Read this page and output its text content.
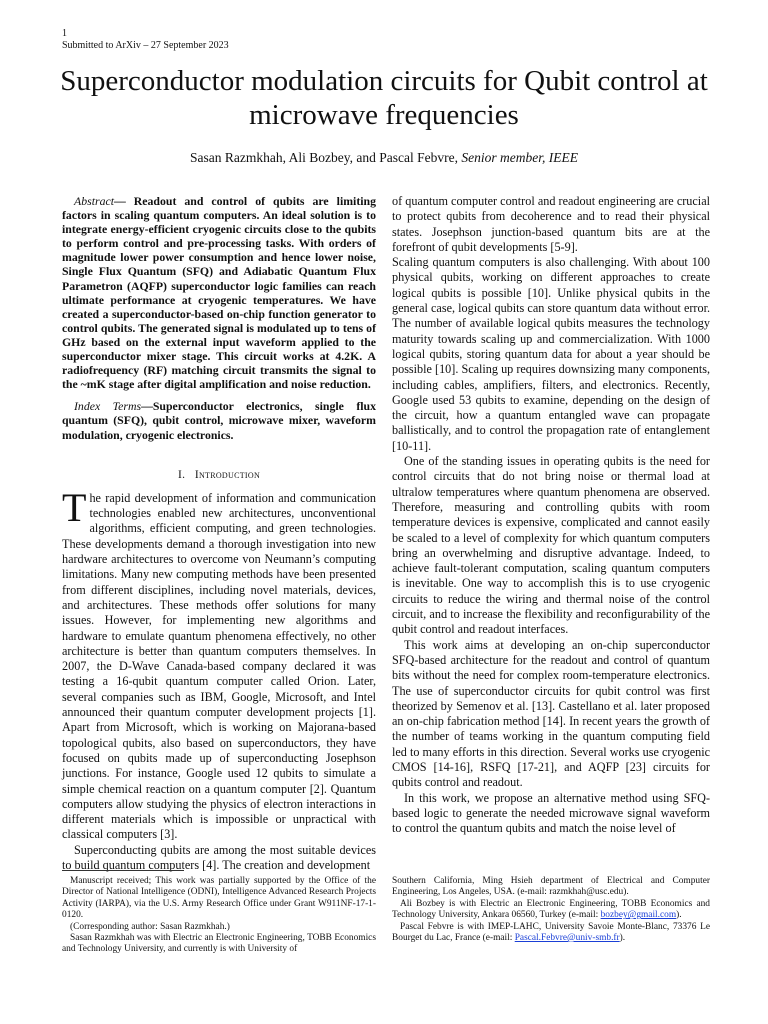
1
Submitted to ArXiv – 27 September 2023
Superconductor modulation circuits for Qubit control at microwave frequencies
Sasan Razmkhah, Ali Bozbey, and Pascal Febvre, Senior member, IEEE

Abstract— Readout and control of qubits are limiting factors in scaling quantum computers. An ideal solution is to integrate energy-efficient cryogenic circuits close to the qubits to perform control and pre-processing tasks. With orders of magnitude lower power consumption and hence lower noise, Single Flux Quantum (SFQ) and Adiabatic Quantum Flux Parametron (AQFP) superconductor logic families can reach ultimate performance at cryogenic temperatures. We have created a superconductor-based on-chip function generator to control qubits. The generated signal is modulated up to tens of GHz based on the external input waveform applied to the superconductor mixer stage. This circuit works at 4.2K. A radiofrequency (RF) matching circuit transmits the signal to the ~mK stage after digital amplification and noise reduction.

Index Terms—Superconductor electronics, single flux quantum (SFQ), qubit control, microwave mixer, waveform modulation, cryogenic electronics.

I. Introduction

The rapid development of information and communication technologies enabled new architectures, unconventional algorithms, efficient computing, and green technologies. These developments demand a thorough investigation into new hardware architectures to overcome von Neumann’s computing limitations. Many new computing methods have been presented from different disciplines, including novel materials, devices, and architectures. These methods offer solutions for many issues. However, for implementing new algorithms and hardware to emulate quantum phenomena effectively, no other architecture is better than quantum computers themselves. In 2007, the D-Wave Canada-based company declared it was testing a 16-qubit quantum computer called Orion. Later, several companies such as IBM, Google, Microsoft, and Intel announced their quantum computer development projects [1]. Apart from Microsoft, which is working on Majorana-based topological qubits, also based on superconductors, they have focused on qubits made up of superconducting Josephson junctions. For instance, Google used 12 qubits to simulate a simple chemical reaction on a quantum computer [2]. Quantum computers allow studying the physics of electron interactions in different materials which is impossible or unpractical with classical computers [3].

Superconducting qubits are among the most suitable devices to build quantum computers [4]. The creation and development

of quantum computer control and readout engineering are crucial to protect qubits from decoherence and to read their physical states. Josephson junction-based quantum bits are at the forefront of qubit developments [5-9].

Scaling quantum computers is also challenging. With about 100 physical qubits, working on different approaches to create logical qubits is possible [10]. Unlike physical qubits in the general case, logical qubits can store quantum data without error. The number of available logical qubits measures the technology maturity towards scaling up and commercialization. With 1000 logical qubits, storing quantum data for about a year should be possible [10]. Scaling up requires downsizing many components, including cables, amplifiers, filters, and electronics. Recently, Google used 53 qubits to examine, depending on the design of the circuit, how a quantum entangled wave can propagate ballistically, and to control the propagation rate of entanglement [10-11].

One of the standing issues in operating qubits is the need for control circuits that do not bring noise or thermal load at ultralow temperatures where quantum phenomena are observed. Therefore, measuring and controlling qubits with room temperature devices is expensive, complicated and cannot easily be scaled to a level of complexity for which quantum computers bring an overwhelming and disruptive advantage. Indeed, to achieve fault-tolerant computation, scaling quantum computers is inevitable. One way to accomplish this is to use cryogenic circuits to reduce the wiring and thermal noise of the control circuit, and to increase the flexibility and reconfigurability of the qubit control and readout interfaces.

This work aims at developing an on-chip superconductor SFQ-based architecture for the readout and control of quantum bits without the need for complex room-temperature electronics. The use of superconductor circuits for qubit control was first theorized by Semenov et al. [13]. Castellano et al. later proposed an on-chip fabrication method [14]. In recent years the growth of the number of teams working in the quantum computing field led to many efforts in this direction. Several works use cryogenic CMOS [14-16], RSFQ [17-21], and AQFP [23] circuits for qubits control and readout.

In this work, we propose an alternative method using SFQ-based logic to generate the needed microwave signal waveform to control the quantum qubits and match the noise level of

Manuscript received; This work was partially supported by the Office of the Director of National Intelligence (ODNI), Intelligence Advanced Research Projects Activity (IARPA), via the U.S. Army Research Office under Grant W911NF-17-1-0120.

(Corresponding author: Sasan Razmkhah.)

Sasan Razmkhah was with Electric an Electronic Engineering, TOBB Economics and Technology University, and currently is with University of

Southern California, Ming Hsieh department of Electrical and Computer Engineering, Los Angeles, USA. (e-mail: razmkhah@usc.edu).

Ali Bozbey is with Electric an Electronic Engineering, TOBB Economics and Technology University, Ankara 06560, Turkey (e-mail: bozbey@gmail.com).

Pascal Febvre is with IMEP-LAHC, University Savoie Monte-Blanc, 73376 Le Bourget du Lac, France (e-mail: Pascal.Febvre@univ-smb.fr).
